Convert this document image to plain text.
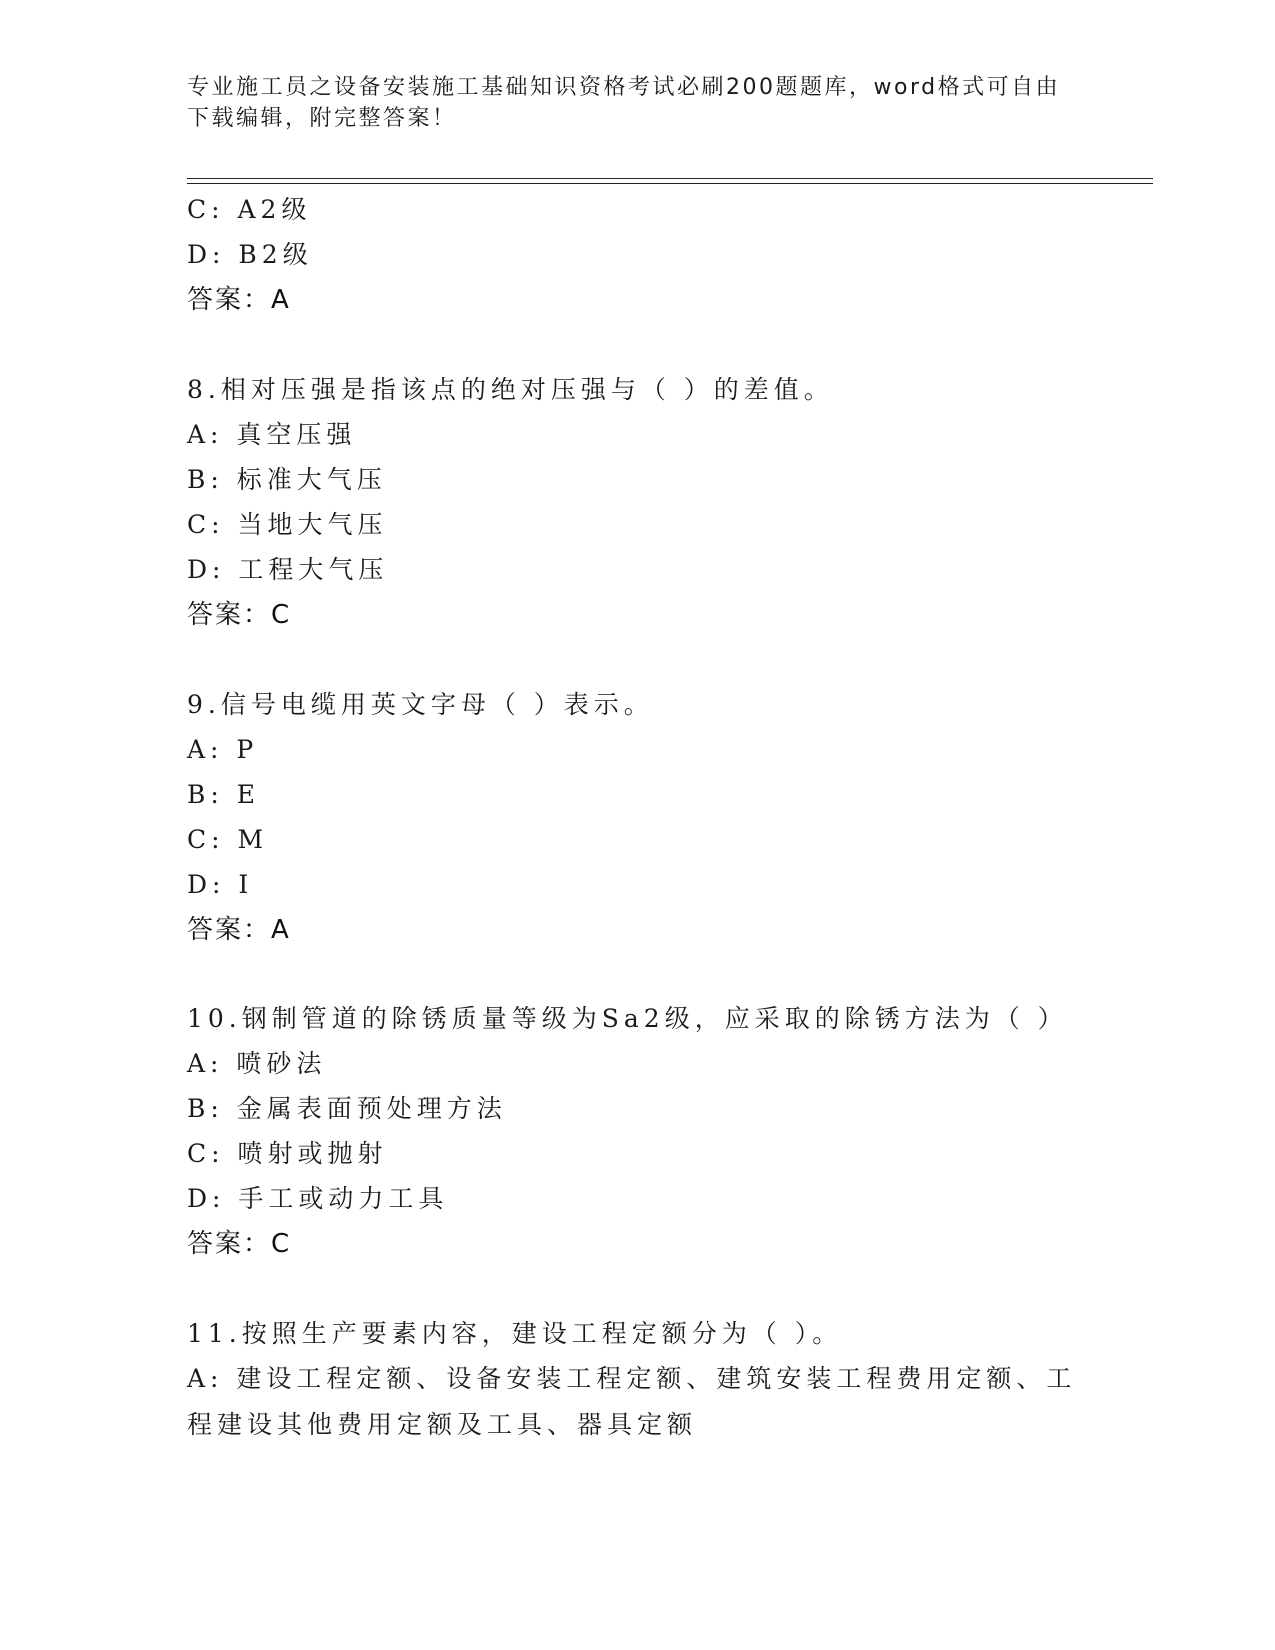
专业施工员之设备安装施工基础知识资格考试必刷200题题库，word格式可自由下载编辑，附完整答案！
C: A2级
D: B2级
答案：A
8.相对压强是指该点的绝对压强与（ ）的差值。
A: 真空压强
B: 标准大气压
C: 当地大气压
D: 工程大气压
答案：C
9.信号电缆用英文字母（ ）表示。
A: P
B: E
C: M
D: I
答案：A
10.钢制管道的除锈质量等级为Sa2级，应采取的除锈方法为（ ）
A: 喷砂法
B: 金属表面预处理方法
C: 喷射或抛射
D: 手工或动力工具
答案：C
11.按照生产要素内容，建设工程定额分为（ ）。
A: 建设工程定额、设备安装工程定额、建筑安装工程费用定额、工程建设其他费用定额及工具、器具定额
